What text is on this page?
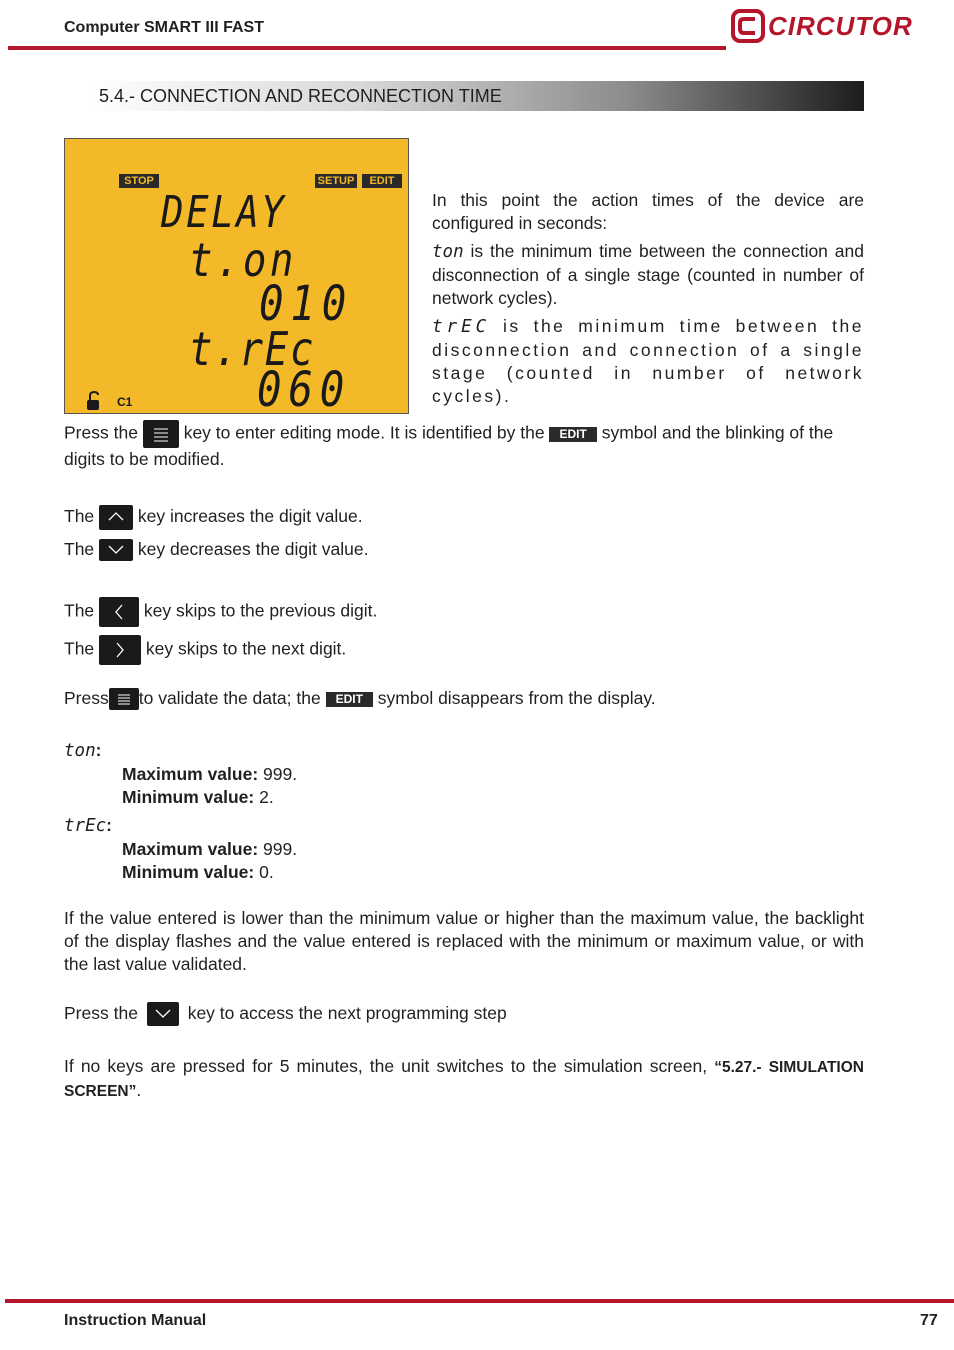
Computer SMART III FAST	CIRCUTOR
5.4.- CONNECTION AND RECONNECTION TIME
STOP	SETUP	EDIT
DELAY
t.on
010
t.rEc
060
C1

In this point the action times of the device are configured in seconds:

ton is the minimum time between the connection and disconnection of a single stage (counted in number of network cycles).

trEC is the minimum time between the disconnection and connection of a single stage (counted in number of network cycles).

Press the	key to enter editing mode. It is identified by the EDIT symbol and the blinking of the digits to be modified.
The	key increases the digit value.
The	key decreases the digit value.
The	key skips to the previous digit.
The	key skips to the next digit.
Press to validate the data; the EDIT symbol disappears from the display.
ton:
Maximum value: 999.
Minimum value: 2.
trEc:
Maximum value: 999.
Minimum value: 0.
If the value entered is lower than the minimum value or higher than the maximum value, the backlight of the display flashes and the value entered is replaced with the minimum or maximum value, or with the last value validated.
Press the	key to access the next programming step
If no keys are pressed for 5 minutes, the unit switches to the simulation screen, “5.27.- SIMULATION SCREEN”.
Instruction Manual	77
